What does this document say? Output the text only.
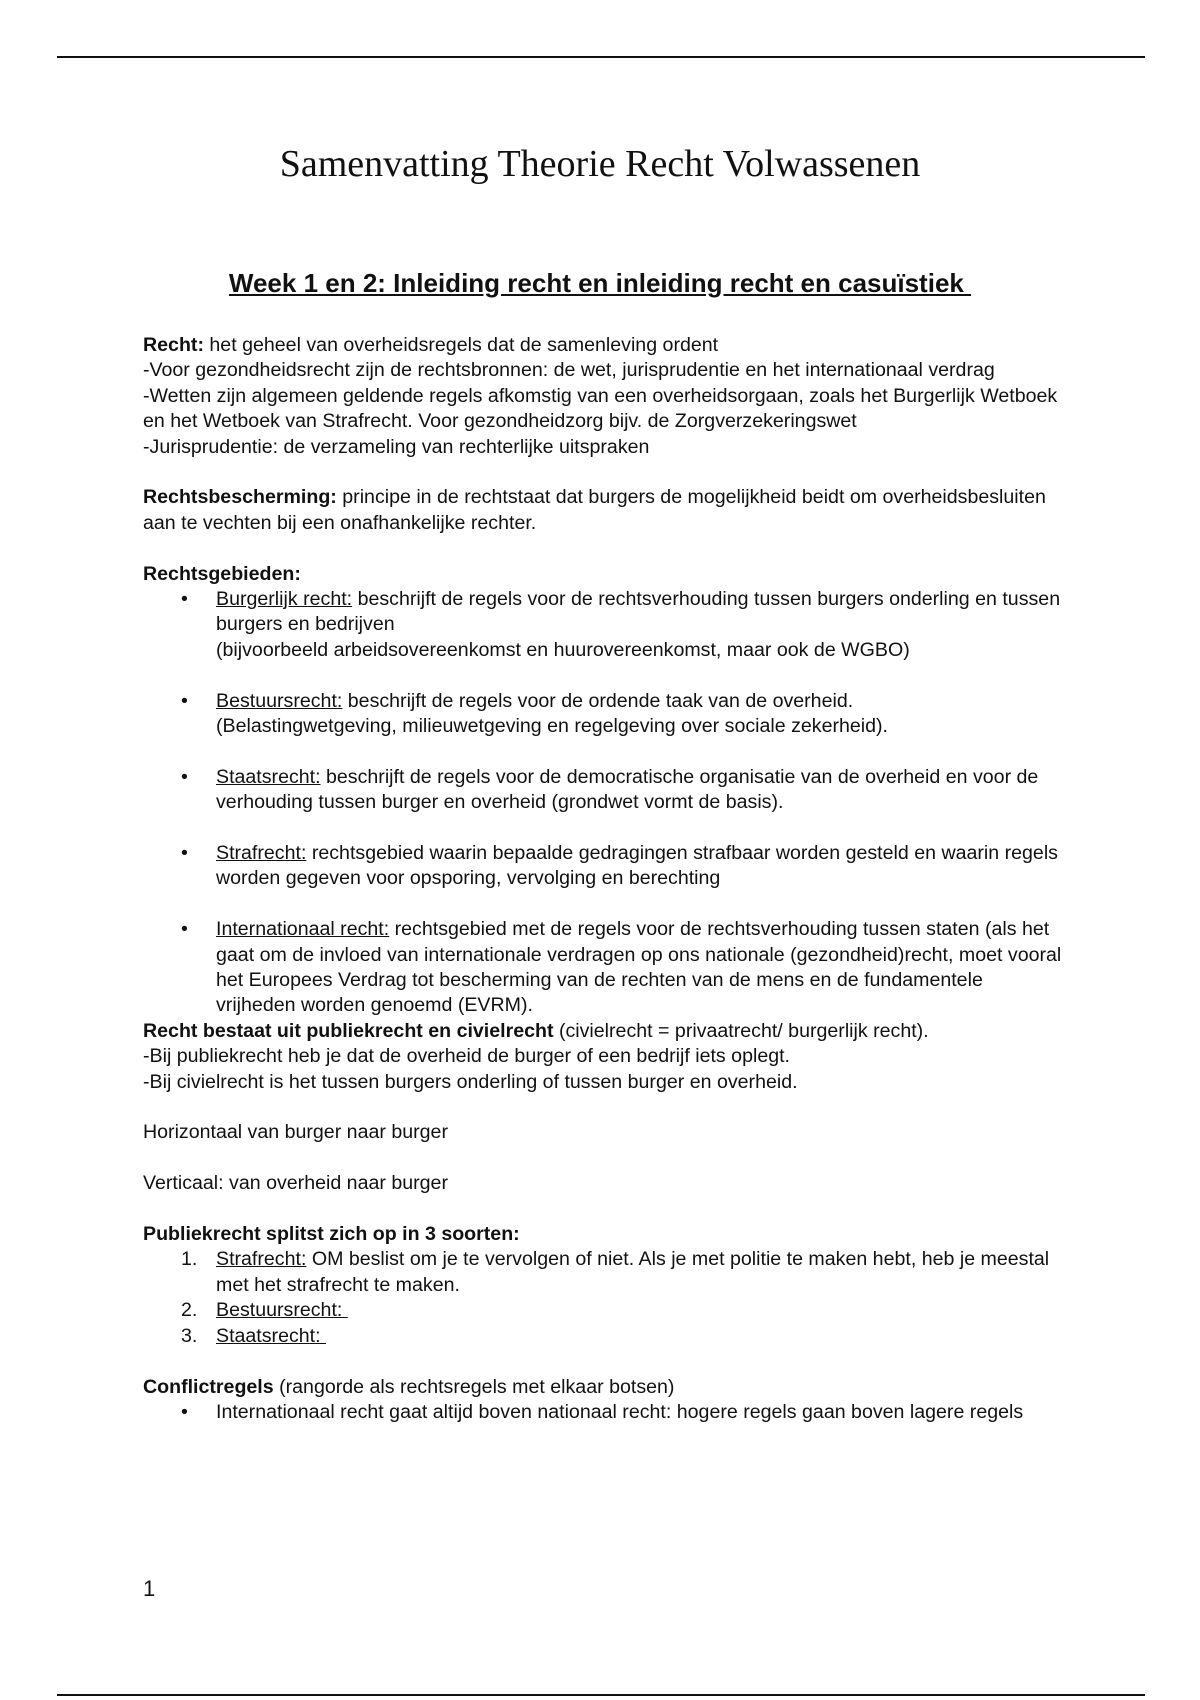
Samenvatting Theorie Recht Volwassenen
Week 1 en 2: Inleiding recht en inleiding recht en casuïstiek

Recht: het geheel van overheidsregels dat de samenleving ordent

-Voor gezondheidsrecht zijn de rechtsbronnen: de wet, jurisprudentie en het internationaal verdrag

-Wetten zijn algemeen geldende regels afkomstig van een overheidsorgaan, zoals het Burgerlijk Wetboek en het Wetboek van Strafrecht. Voor gezondheidzorg bijv. de Zorgverzekeringswet

-Jurisprudentie: de verzameling van rechterlijke uitspraken

Rechtsbescherming: principe in de rechtstaat dat burgers de mogelijkheid beidt om overheidsbesluiten aan te vechten bij een onafhankelijke rechter.

Rechtsgebieden:

• Burgerlijk recht: beschrijft de regels voor de rechtsverhouding tussen burgers onderling en tussen burgers en bedrijven
(bijvoorbeeld arbeidsovereenkomst en huurovereenkomst, maar ook de WGBO)
• Bestuursrecht: beschrijft de regels voor de ordende taak van de overheid.
(Belastingwetgeving, milieuwetgeving en regelgeving over sociale zekerheid).
• Staatsrecht: beschrijft de regels voor de democratische organisatie van de overheid en voor de verhouding tussen burger en overheid (grondwet vormt de basis).
• Strafrecht: rechtsgebied waarin bepaalde gedragingen strafbaar worden gesteld en waarin regels worden gegeven voor opsporing, vervolging en berechting
• Internationaal recht: rechtsgebied met de regels voor de rechtsverhouding tussen staten (als het gaat om de invloed van internationale verdragen op ons nationale (gezondheid)recht, moet vooral het Europees Verdrag tot bescherming van de rechten van de mens en de fundamentele vrijheden worden genoemd (EVRM).

Recht bestaat uit publiekrecht en civielrecht (civielrecht = privaatrecht/ burgerlijk recht).

-Bij publiekrecht heb je dat de overheid de burger of een bedrijf iets oplegt.

-Bij civielrecht is het tussen burgers onderling of tussen burger en overheid.

Horizontaal van burger naar burger

Verticaal: van overheid naar burger

Publiekrecht splitst zich op in 3 soorten:

1. Strafrecht: OM beslist om je te vervolgen of niet. Als je met politie te maken hebt, heb je meestal met het strafrecht te maken.
2. Bestuursrecht:
3. Staatsrecht:

Conflictregels (rangorde als rechtsregels met elkaar botsen)

• Internationaal recht gaat altijd boven nationaal recht: hogere regels gaan boven lagere regels
1
